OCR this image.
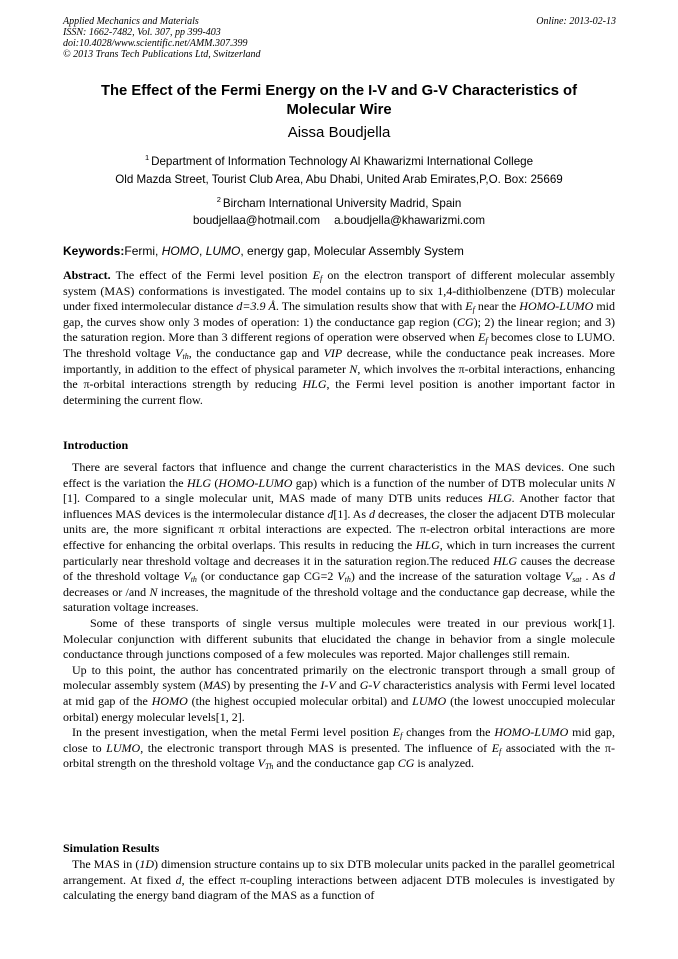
Applied Mechanics and Materials
ISSN: 1662-7482, Vol. 307, pp 399-403
doi:10.4028/www.scientific.net/AMM.307.399
© 2013 Trans Tech Publications Ltd, Switzerland
Online: 2013-02-13
The Effect of the Fermi Energy on the I-V and G-V Characteristics of
Molecular Wire
Aissa Boudjella
$^1$ Department of Information Technology Al Khawarizmi International College
Old Mazda Street, Tourist Club Area, Abu Dhabi, United Arab Emirates,P,O. Box: 25669
$^2$ Bircham International University Madrid, Spain
boudjellaa@hotmail.com a.boudjella@khawarizmi.com
Keywords:Fermi, HOMO, LUMO, energy gap, Molecular Assembly System

Abstract. The effect of the Fermi level position $E_f$ on the electron transport of different molecular assembly system (MAS) conformations is investigated. The model contains up to six 1,4-dithiolbenzene (DTB) molecular under fixed intermolecular distance d=3.9 Å. The simulation results show that with $E_f$ near the HOMO-LUMO mid gap, the curves show only 3 modes of operation: 1) the conductance gap region (CG); 2) the linear region; and 3) the saturation region. More than 3 different regions of operation were observed when $E_f$ becomes close to LUMO. The threshold voltage $V_{th}$, the conductance gap and VIP decrease, while the conductance peak increases. More importantly, in addition to the effect of physical parameter N, which involves the π-orbital interactions, enhancing the π-orbital interactions strength by reducing HLG, the Fermi level position is another important factor in determining the current flow.

Introduction

There are several factors that influence and change the current characteristics in the MAS devices. One such effect is the variation the HLG (HOMO-LUMO gap) which is a function of the number of DTB molecular units N [1]. Compared to a single molecular unit, MAS made of many DTB units reduces HLG. Another factor that influences MAS devices is the intermolecular distance d[1]. As d decreases, the closer the adjacent DTB molecular units are, the more significant π orbital interactions are expected. The π-electron orbital interactions are more effective for enhancing the orbital overlaps. This results in reducing the HLG, which in turn increases the current particularly near threshold voltage and decreases it in the saturation region.The reduced HLG causes the decrease of the threshold voltage $V_{th}$ (or conductance gap CG=2 $V_{th}$) and the increase of the saturation voltage $V_{sat}$ . As d decreases or /and N increases, the magnitude of the threshold voltage and the conductance gap decrease, while the saturation voltage increases.

Some of these transports of single versus multiple molecules were treated in our previous work[1]. Molecular conjunction with different subunits that elucidated the change in behavior from a single molecule conductance through junctions composed of a few molecules was reported. Major challenges still remain.

Up to this point, the author has concentrated primarily on the electronic transport through a small group of molecular assembly system (MAS) by presenting the I-V and G-V characteristics analysis with Fermi level located at mid gap of the HOMO (the highest occupied molecular orbital) and LUMO (the lowest unoccupied molecular orbital) energy molecular levels[1, 2].

In the present investigation, when the metal Fermi level position $E_f$ changes from the HOMO-LUMO mid gap, close to LUMO, the electronic transport through MAS is presented. The influence of $E_f$ associated with the π-orbital strength on the threshold voltage $V_{Th}$ and the conductance gap CG is analyzed.

Simulation Results

The MAS in (1D) dimension structure contains up to six DTB molecular units packed in the parallel geometrical arrangement. At fixed d, the effect π-coupling interactions between adjacent DTB molecules is investigated by calculating the energy band diagram of the MAS as a function of
